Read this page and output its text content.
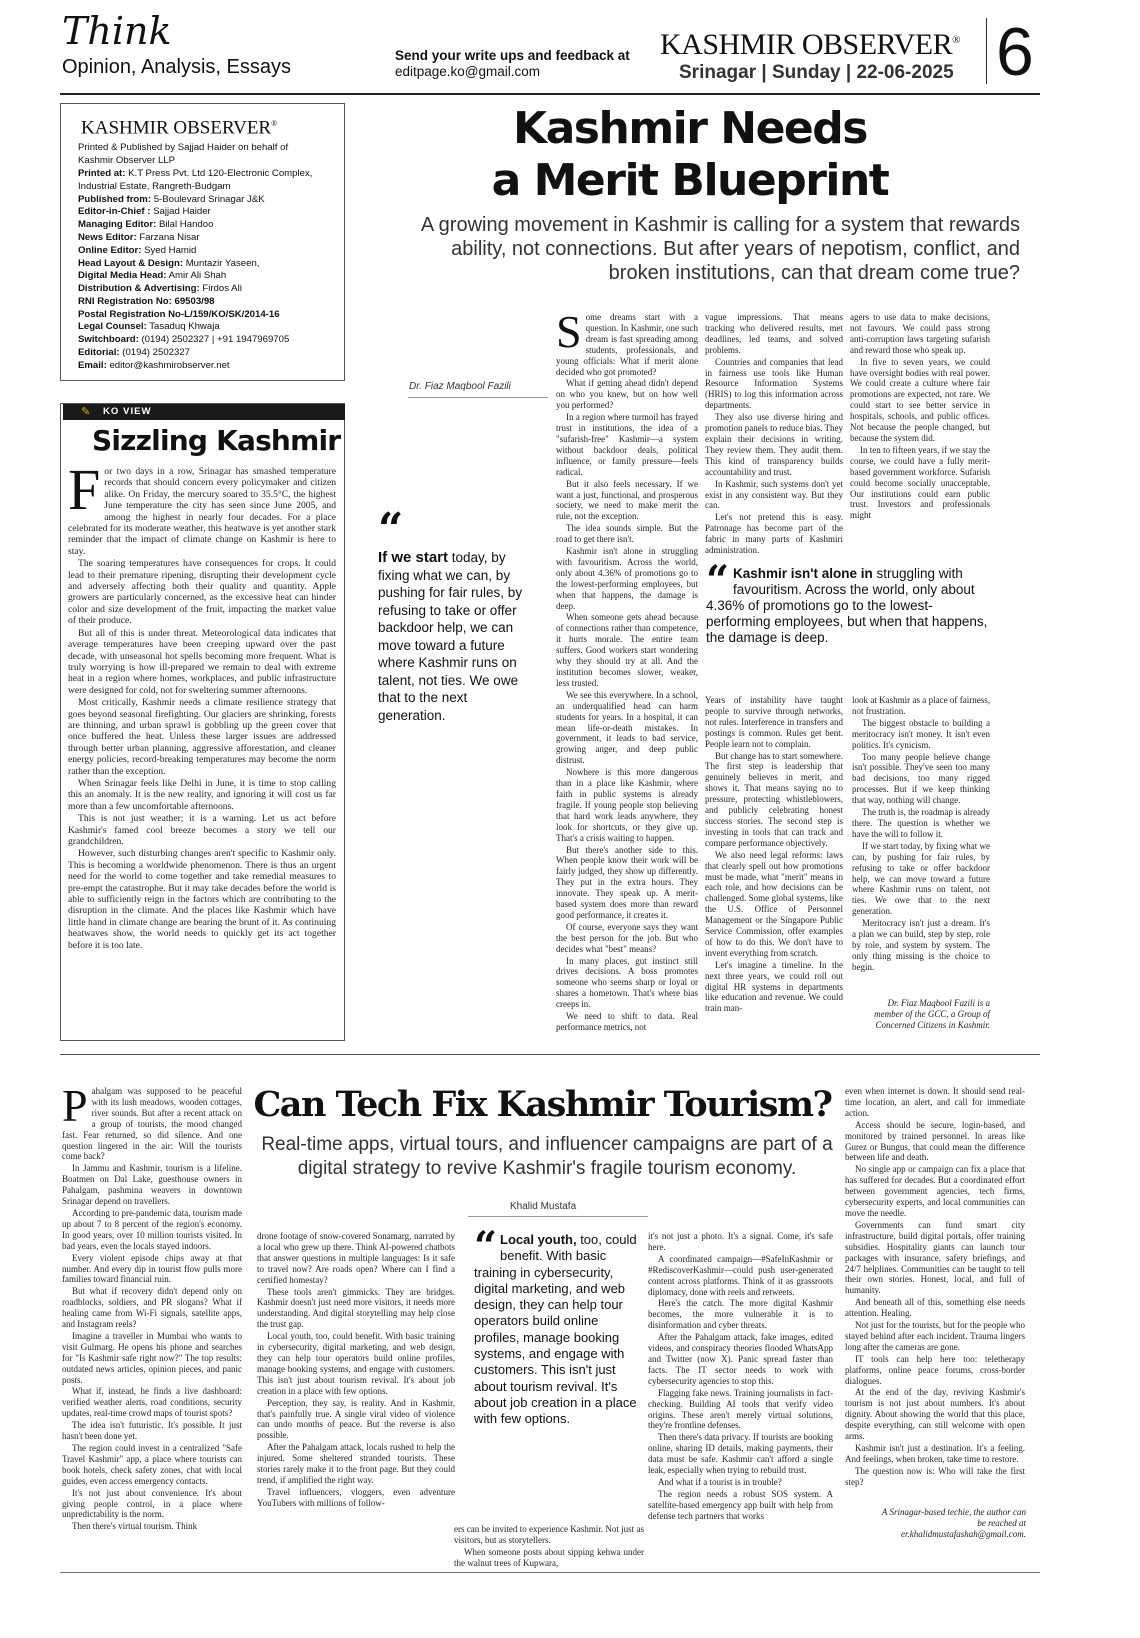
Think
Opinion, Analysis, Essays
Send your write ups and feedback at
editpage.ko@gmail.com
KASHMIR OBSERVER®
Srinagar | Sunday | 22-06-2025 6
KASHMIR OBSERVER®
Printed & Published by Sajjad Haider on behalf of
Kashmir Observer LLP
Printed at: K.T Press Pvt. Ltd 120-Electronic Complex,
Industrial Estate, Rangreth-Budgam
Published from: 5-Boulevard Srinagar J&K
Editor-in-Chief : Sajjad Haider
Managing Editor: Bilal Handoo
News Editor: Farzana Nisar
Online Editor: Syed Hamid
Head Layout & Design: Muntazir Yaseen,
Digital Media Head: Amir Ali Shah
Distribution & Advertising: Firdos Ali
RNI Registration No: 69503/98
Postal Registration No-L/159/KO/SK/2014-16
Legal Counsel: Tasaduq Khwaja
Switchboard: (0194) 2502327 | +91 1947969705
Editorial: (0194) 2502327
Email: editor@kashmirobserver.net
✎ KO VIEW
Sizzling Kashmir
F or two days in a row, Srinagar has smashed temperature records that should concern every policymaker and citizen alike. On Friday, the mercury soared to 35.5°C, the highest June temperature the city has seen since June 2005, and among the highest in nearly four decades. For a place celebrated for its moderate weather, this heatwave is yet another stark reminder that the impact of climate change on Kashmir is here to stay.

The soaring temperatures have consequences for crops. It could lead to their premature ripening, disrupting their development cycle and adversely affecting both their quality and quantity. Apple growers are particularly concerned, as the excessive heat can hinder color and size development of the fruit, impacting the market value of their produce.

But all of this is under threat. Meteorological data indicates that average temperatures have been creeping upward over the past decade, with unseasonal hot spells becoming more frequent. What is truly worrying is how ill-prepared we remain to deal with extreme heat in a region where homes, workplaces, and public infrastructure were designed for cold, not for sweltering summer afternoons.

Most critically, Kashmir needs a climate resilience strategy that goes beyond seasonal firefighting. Our glaciers are shrinking, forests are thinning, and urban sprawl is gobbling up the green cover that once buffered the heat. Unless these larger issues are addressed through better urban planning, aggressive afforestation, and cleaner energy policies, record-breaking temperatures may become the norm rather than the exception.

When Srinagar feels like Delhi in June, it is time to stop calling this an anomaly. It is the new reality, and ignoring it will cost us far more than a few uncomfortable afternoons.

This is not just weather; it is a warning. Let us act before Kashmir's famed cool breeze becomes a story we tell our grandchildren.

However, such disturbing changes aren't specific to Kashmir only. This is becoming a worldwide phenomenon. There is thus an urgent need for the world to come together and take remedial measures to pre-empt the catastrophe. But it may take decades before the world is able to sufficiently reign in the factors which are contributing to the disruption in the climate. And the places like Kashmir which have little hand in climate change are bearing the brunt of it. As continuing heatwaves show, the world needs to quickly get its act together before it is too late.

Kashmir Needs
a Merit Blueprint
A growing movement in Kashmir is calling for a system that rewards ability, not connections. But after years of nepotism, conflict, and broken institutions, can that dream come true?
Dr. Fiaz Maqbool Fazili
“
If we start today, by fixing what we can, by pushing for fair rules, by refusing to take or offer backdoor help, we can move toward a future where Kashmir runs on talent, not ties. We owe that to the next generation.
S ome dreams start with a question. In Kashmir, one such dream is fast spreading among students, professionals, and young officials: What if merit alone decided who got promoted?

What if getting ahead didn't depend on who you knew, but on how well you performed?

In a region where turmoil has frayed trust in institutions, the idea of a "sufarish-free" Kashmir—a system without backdoor deals, political influence, or family pressure—feels radical.

But it also feels necessary. If we want a just, functional, and prosperous society, we need to make merit the rule, not the exception.

The idea sounds simple. But the road to get there isn't.

Kashmir isn't alone in struggling with favouritism. Across the world, only about 4.36% of promotions go to the lowest-performing employees, but when that happens, the damage is deep.

When someone gets ahead because of connections rather than competence, it hurts morale. The entire team suffers. Good workers start wondering why they should try at all. And the institution becomes slower, weaker, less trusted.

We see this everywhere. In a school, an underqualified head can harm students for years. In a hospital, it can mean life-or-death mistakes. In government, it leads to bad service, growing anger, and deep public distrust.

Nowhere is this more dangerous than in a place like Kashmir, where faith in public systems is already fragile. If young people stop believing that hard work leads anywhere, they look for shortcuts, or they give up. That's a crisis waiting to happen.

But there's another side to this. When people know their work will be fairly judged, they show up differently. They put in the extra hours. They innovate. They speak up. A merit-based system does more than reward good performance, it creates it.

Of course, everyone says they want the best person for the job. But who decides what "best" means?

In many places, gut instinct still drives decisions. A boss promotes someone who seems sharp or loyal or shares a hometown. That's where bias creeps in.

We need to shift to data. Real performance metrics, not

vague impressions. That means tracking who delivered results, met deadlines, led teams, and solved problems.

Countries and companies that lead in fairness use tools like Human Resource Information Systems (HRIS) to log this information across departments.

They also use diverse hiring and promotion panels to reduce bias. They explain their decisions in writing. They review them. They audit them. This kind of transparency builds accountability and trust.

In Kashmir, such systems don't yet exist in any consistent way. But they can.

Let's not pretend this is easy. Patronage has become part of the fabric in many parts of Kashmiri administration.

agers to use data to make decisions, not favours. We could pass strong anti-corruption laws targeting sufarish and reward those who speak up.

In five to seven years, we could have oversight bodies with real power. We could create a culture where fair promotions are expected, not rare. We could start to see better service in hospitals, schools, and public offices. Not because the people changed, but because the system did.

In ten to fifteen years, if we stay the course, we could have a fully merit-based government workforce. Sufarish could become socially unacceptable. Our institutions could earn public trust. Investors and professionals might

“ Kashmir isn't alone in struggling with favouritism. Across the world, only about 4.36% of promotions go to the lowest-performing employees, but when that happens, the damage is deep.

Years of instability have taught people to survive through networks, not rules. Interference in transfers and postings is common. Rules get bent. People learn not to complain.

But change has to start somewhere. The first step is leadership that genuinely believes in merit, and shows it. That means saying no to pressure, protecting whistleblowers, and publicly celebrating honest success stories. The second step is investing in tools that can track and compare performance objectively.

We also need legal reforms: laws that clearly spell out how promotions must be made, what "merit" means in each role, and how decisions can be challenged. Some global systems, like the U.S. Office of Personnel Management or the Singapore Public Service Commission, offer examples of how to do this. We don't have to invent everything from scratch.

Let's imagine a timeline. In the next three years, we could roll out digital HR systems in departments like education and revenue. We could train man-

look at Kashmir as a place of fairness, not frustration.

The biggest obstacle to building a meritocracy isn't money. It isn't even politics. It's cynicism.

Too many people believe change isn't possible. They've seen too many bad decisions, too many rigged processes. But if we keep thinking that way, nothing will change.

The truth is, the roadmap is already there. The question is whether we have the will to follow it.

If we start today, by fixing what we can, by pushing for fair rules, by refusing to take or offer backdoor help, we can move toward a future where Kashmir runs on talent, not ties. We owe that to the next generation.

Meritocracy isn't just a dream. It's a plan we can build, step by step, role by role, and system by system. The only thing missing is the choice to begin.

Dr. Fiaz Maqbool Fazili is a member of the GCC, a Group of Concerned Citizens in Kashmir.
P ahalgam was supposed to be peaceful with its lush meadows, wooden cottages, river sounds. But after a recent attack on a group of tourists, the mood changed fast. Fear returned, so did silence. And one question lingered in the air: Will the tourists come back?

In Jammu and Kashmir, tourism is a lifeline. Boatmen on Dal Lake, guesthouse owners in Pahalgam, pashmina weavers in downtown Srinagar depend on travellers.

According to pre-pandemic data, tourism made up about 7 to 8 percent of the region's economy. In good years, over 10 million tourists visited. In bad years, even the locals stayed indoors.

Every violent episode chips away at that number. And every dip in tourist flow pulls more families toward financial ruin.

But what if recovery didn't depend only on roadblocks, soldiers, and PR slogans? What if healing came from Wi-Fi signals, satellite apps, and Instagram reels?

Imagine a traveller in Mumbai who wants to visit Gulmarg. He opens his phone and searches for "Is Kashmir safe right now?" The top results: outdated news articles, opinion pieces, and panic posts.

What if, instead, he finds a live dashboard: verified weather alerts, road conditions, security updates, real-time crowd maps of tourist spots?

The idea isn't futuristic. It's possible. It just hasn't been done yet.

The region could invest in a centralized "Safe Travel Kashmir" app, a place where tourists can book hotels, check safety zones, chat with local guides, even access emergency contacts.

It's not just about convenience. It's about giving people control, in a place where unpredictability is the norm.

Then there's virtual tourism. Think

Can Tech Fix Kashmir Tourism?
Real-time apps, virtual tours, and influencer campaigns are part of a digital strategy to revive Kashmir's fragile tourism economy.
Khalid Mustafa

drone footage of snow-covered Sonamarg, narrated by a local who grew up there. Think AI-powered chatbots that answer questions in multiple languages: Is it safe to travel now? Are roads open? Where can I find a certified homestay?

These tools aren't gimmicks. They are bridges. Kashmir doesn't just need more visitors, it needs more understanding. And digital storytelling may help close the trust gap.

Local youth, too, could benefit. With basic training in cybersecurity, digital marketing, and web design, they can help tour operators build online profiles, manage booking systems, and engage with customers. This isn't just about tourism revival. It's about job creation in a place with few options.

Perception, they say, is reality. And in Kashmir, that's painfully true. A single viral video of violence can undo months of peace. But the reverse is also possible.

After the Pahalgam attack, locals rushed to help the injured. Some sheltered stranded tourists. These stories rarely make it to the front page. But they could trend, if amplified the right way.

Travel influencers, vloggers, even adventure YouTubers with millions of follow-

“ Local youth, too, could benefit. With basic training in cybersecurity, digital marketing, and web design, they can help tour operators build online profiles, manage booking systems, and engage with customers. This isn't just about tourism revival. It's about job creation in a place with few options.

ers can be invited to experience Kashmir. Not just as visitors, but as storytellers.

When someone posts about sipping kehwa under the walnut trees of Kupwara,

it's not just a photo. It's a signal. Come, it's safe here.

A coordinated campaign—#SafeInKashmir or #RediscoverKashmir—could push user-generated content across platforms. Think of it as grassroots diplomacy, done with reels and retweets.

Here's the catch. The more digital Kashmir becomes, the more vulnerable it is to disinformation and cyber threats.

After the Pahalgam attack, fake images, edited videos, and conspiracy theories flooded WhatsApp and Twitter (now X). Panic spread faster than facts. The IT sector needs to work with cybersecurity agencies to stop this.

Flagging fake news. Training journalists in fact-checking. Building AI tools that verify video origins. These aren't merely virtual solutions, they're frontline defenses.

Then there's data privacy. If tourists are booking online, sharing ID details, making payments, their data must be safe. Kashmir can't afford a single leak, especially when trying to rebuild trust.

And what if a tourist is in trouble?

The region needs a robust SOS system. A satellite-based emergency app built with help from defense tech partners that works

even when internet is down. It should send real-time location, an alert, and call for immediate action.

Access should be secure, login-based, and monitored by trained personnel. In areas like Gurez or Bungus, that could mean the difference between life and death.

No single app or campaign can fix a place that has suffered for decades. But a coordinated effort between government agencies, tech firms, cybersecurity experts, and local communities can move the needle.

Governments can fund smart city infrastructure, build digital portals, offer training subsidies. Hospitality giants can launch tour packages with insurance, safety briefings, and 24/7 helplines. Communities can be taught to tell their own stories. Honest, local, and full of humanity.

And beneath all of this, something else needs attention. Healing.

Not just for the tourists, but for the people who stayed behind after each incident. Trauma lingers long after the cameras are gone.

IT tools can help here too: teletherapy platforms, online peace forums, cross-border dialogues.

At the end of the day, reviving Kashmir's tourism is not just about numbers. It's about dignity. About showing the world that this place, despite everything, can still welcome with open arms.

Kashmir isn't just a destination. It's a feeling. And feelings, when broken, take time to restore.

The question now is: Who will take the first step?

A Srinagar-based techie, the author can be reached at er.khalidmustafashah@gmail.com.
